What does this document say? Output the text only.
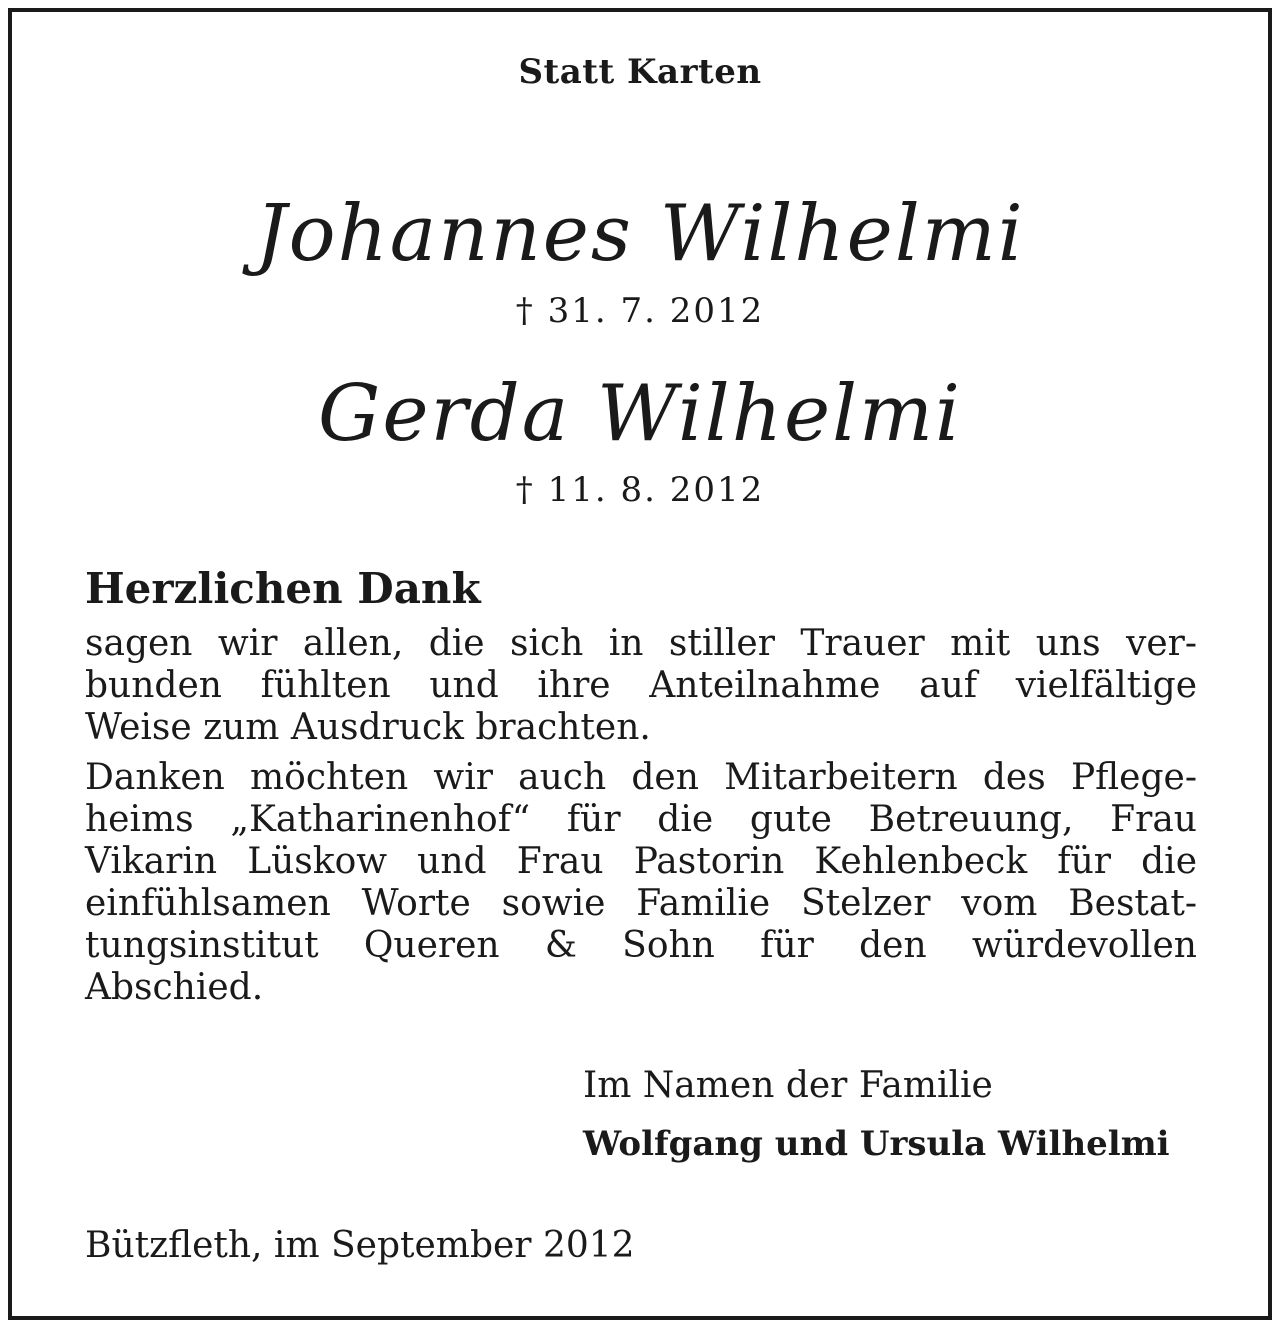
Statt Karten
Johannes Wilhelmi
† 31. 7. 2012
Gerda Wilhelmi
† 11. 8. 2012
Herzlichen Dank
sagen wir allen, die sich in stiller Trauer mit uns ver-
bunden fühlten und ihre Anteilnahme auf vielfältige
Weise zum Ausdruck brachten.
Danken möchten wir auch den Mitarbeitern des Pflege-
heims „Katharinenhof“ für die gute Betreuung, Frau
Vikarin Lüskow und Frau Pastorin Kehlenbeck für die
einfühlsamen Worte sowie Familie Stelzer vom Bestat-
tungsinstitut Queren & Sohn für den würdevollen
Abschied.
Im Namen der Familie
Wolfgang und Ursula Wilhelmi
Bützfleth, im September 2012
